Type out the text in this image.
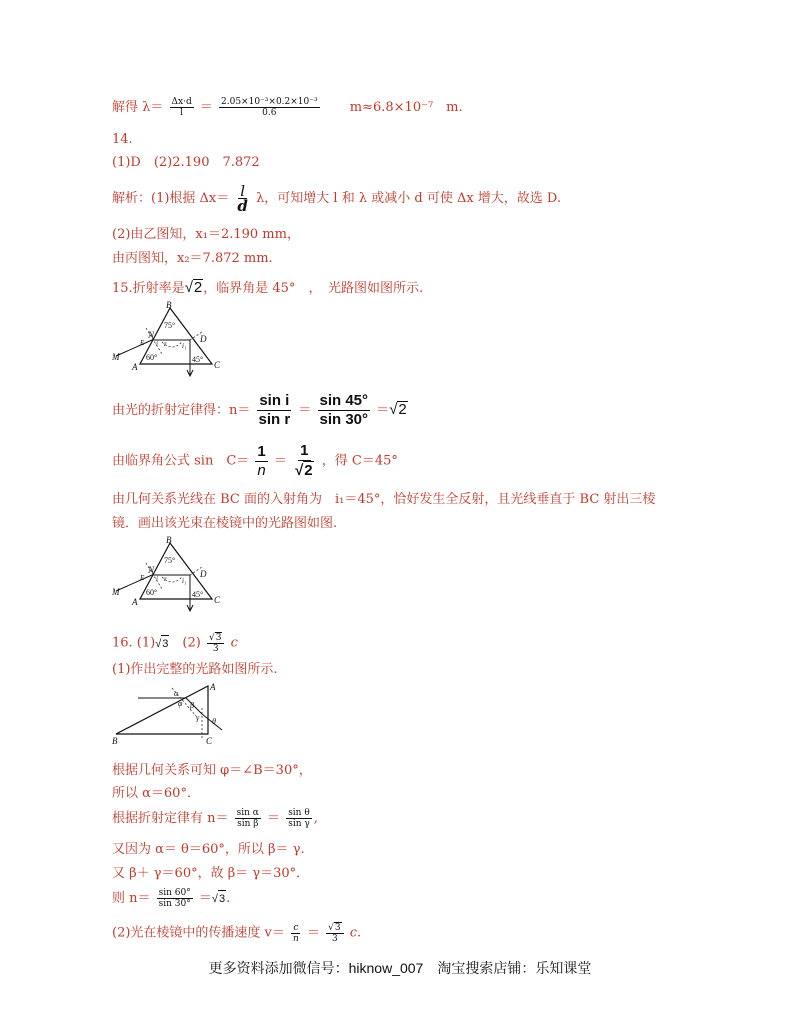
解得 $\lambda= \frac{\Delta x\cdot d}{l} = \frac{\text{2.05×10⁻³×0.2×10⁻³}}{0.6} m\approx 6.8\times 10^{-7}$　m.
14.
(1)D　(2)2.190　7.872
解析：(1)根据 $\Delta x= \frac{l}{d}$ λ，可知增大 l 和 λ 或减小 d 可使 Δx 增大，故选 D.
(2)由乙图知，x₁＝2.190 mm，
由丙图知，x₂＝7.872 mm.
15.折射率是√2，临界角是 45°　，　光路图如图所示.
B
A	C
D
M
N
E
75°
60°	45°
i r i₁
由光的折射定律得：$n= \frac{\text{sin i}}{\text{sin r}} = \frac{\sin 45^\circ}{\sin 30^\circ} =√2$
由临界角公式 sin　$C= \frac{1}{n} = \frac{1}{√2}$ ，得 C＝45°
由几何关系光线在 BC 面的入射角为　i₁＝45°，恰好发生全反射，且光线垂直于 BC 射出三棱
镜．画出该光束在棱镜中的光路图如图.
B
A	C
D
M
N
E
75°
60°	45°
i r i₁
16. (1)√3　$(2) \frac{√3}{3}$ c
(1)作出完整的光路如图所示.
A
B	C
α
β
γ θ
φ
根据几何关系可知 φ＝∠B＝30°，
所以 α＝60°．
根据折射定律有 $n= \frac{\text{sin α}}{\text{sin β}} = \frac{\text{sin θ}}{\text{sin γ}}$ ,
又因为 α＝ θ＝60°，所以 β＝ γ.
又 β＋ γ＝60°，故 β＝ γ＝30°．
则 $n= \frac{\sin 60^\circ}{\sin 30^\circ} =√3$.
(2)光在棱镜中的传播速度 $v= \frac{c}{n} = \frac{√3}{3} c$.
更多资料添加微信号：hiknow_007　淘宝搜索店铺：乐知课堂
